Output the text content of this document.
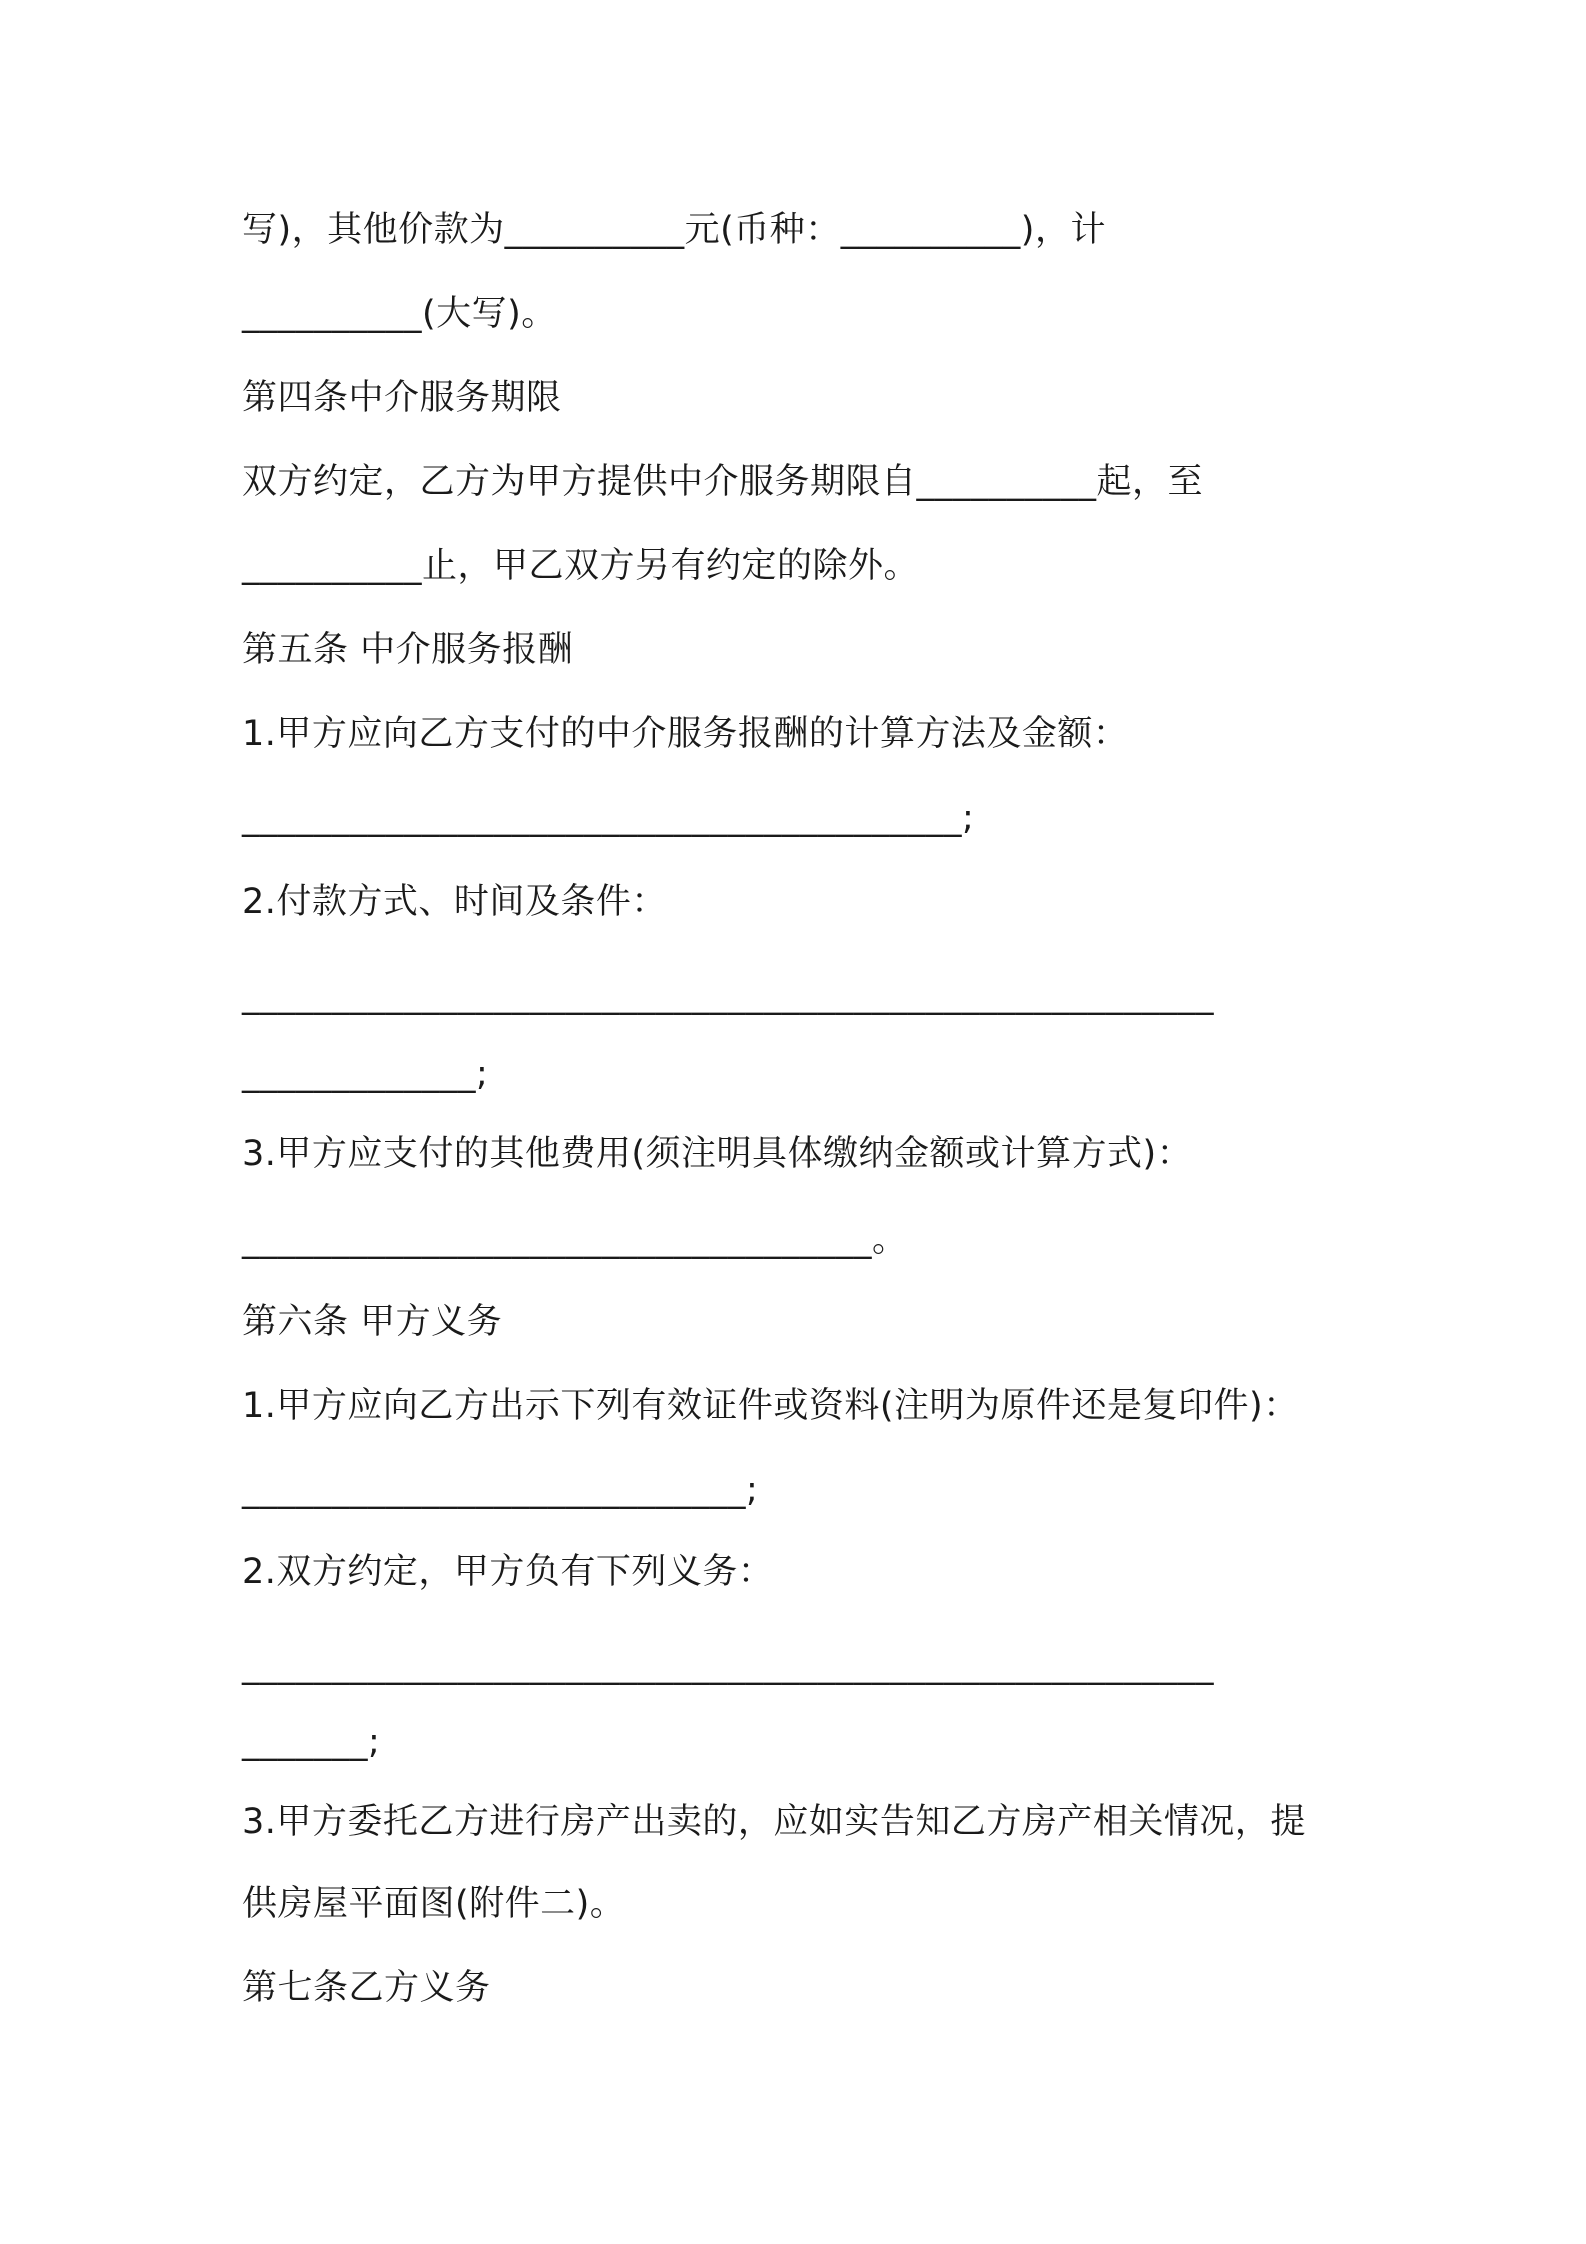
写)，其他价款为__________元(币种：__________)，计
__________(大写)。
第四条中介服务期限
双方约定，乙方为甲方提供中介服务期限自__________起，至
__________止，甲乙双方另有约定的除外。
第五条 中介服务报酬
1.甲方应向乙方支付的中介服务报酬的计算方法及金额：
________________________________________;
2.付款方式、时间及条件：
______________________________________________________
_____________;
3.甲方应支付的其他费用(须注明具体缴纳金额或计算方式)：
___________________________________。
第六条 甲方义务
1.甲方应向乙方出示下列有效证件或资料(注明为原件还是复印件)：
____________________________;
2.双方约定，甲方负有下列义务：
______________________________________________________
_______;
3.甲方委托乙方进行房产出卖的，应如实告知乙方房产相关情况，提
供房屋平面图(附件二)。
第七条乙方义务
